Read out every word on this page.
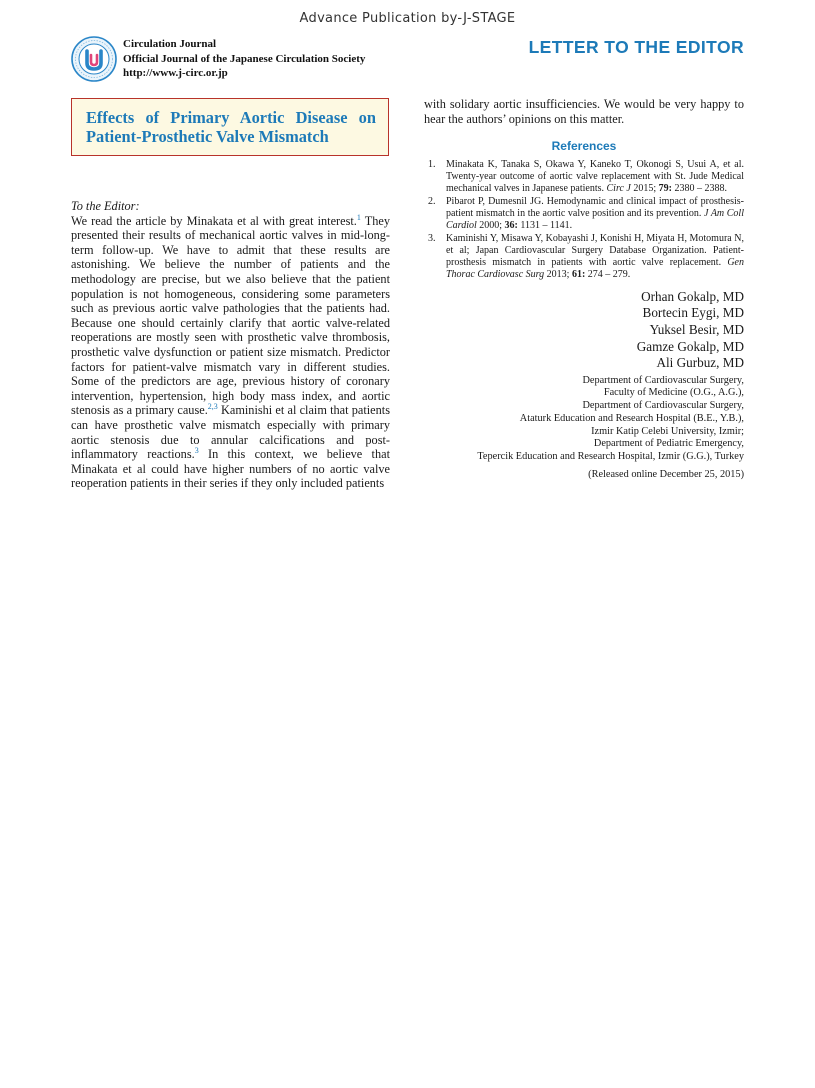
Advance Publication by-J-STAGE
Circulation Journal
Official Journal of the Japanese Circulation Society
http://www.j-circ.or.jp
LETTER TO THE EDITOR
Effects of Primary Aortic Disease on Patient-Prosthetic Valve Mismatch

To the Editor:

We read the article by Minakata et al with great interest.$^1$ They presented their results of mechanical aortic valves in mid-long-term follow-up. We have to admit that these results are astonishing. We believe the number of patients and the methodology are precise, but we also believe that the patient population is not homogeneous, considering some parameters such as previous aortic valve pathologies that the patients had. Because one should certainly clarify that aortic valve-related reoperations are mostly seen with prosthetic valve thrombosis, prosthetic valve dysfunction or patient size mismatch. Predictor factors for patient-valve mismatch vary in different studies. Some of the predictors are age, previous history of coronary intervention, hypertension, high body mass index, and aortic stenosis as a primary cause.$^{2,3}$ Kaminishi et al claim that patients can have prosthetic valve mismatch especially with primary aortic stenosis due to annular calcifications and post-inflammatory reactions.$^3$ In this context, we believe that Minakata et al could have higher numbers of no aortic valve reoperation patients in their series if they only included patients

with solidary aortic insufficiencies. We would be very happy to hear the authors’ opinions on this matter.

References
1.	Minakata K, Tanaka S, Okawa Y, Kaneko T, Okonogi S, Usui A, et al. Twenty-year outcome of aortic valve replacement with St. Jude Medical mechanical valves in Japanese patients. Circ J 2015; 79: 2380 – 2388.
2.	Pibarot P, Dumesnil JG. Hemodynamic and clinical impact of prosthesis-patient mismatch in the aortic valve position and its prevention. J Am Coll Cardiol 2000; 36: 1131 – 1141.
3.	Kaminishi Y, Misawa Y, Kobayashi J, Konishi H, Miyata H, Motomura N, et al; Japan Cardiovascular Surgery Database Organization. Patient-prosthesis mismatch in patients with aortic valve replacement. Gen Thorac Cardiovasc Surg 2013; 61: 274 – 279.
Orhan Gokalp, MD
Bortecin Eygi, MD
Yuksel Besir, MD
Gamze Gokalp, MD
Ali Gurbuz, MD
Department of Cardiovascular Surgery,
Faculty of Medicine (O.G., A.G.),
Department of Cardiovascular Surgery,
Ataturk Education and Research Hospital (B.E., Y.B.),
Izmir Katip Celebi University, Izmir;
Department of Pediatric Emergency,
Tepercik Education and Research Hospital, Izmir (G.G.), Turkey
(Released online December 25, 2015)
